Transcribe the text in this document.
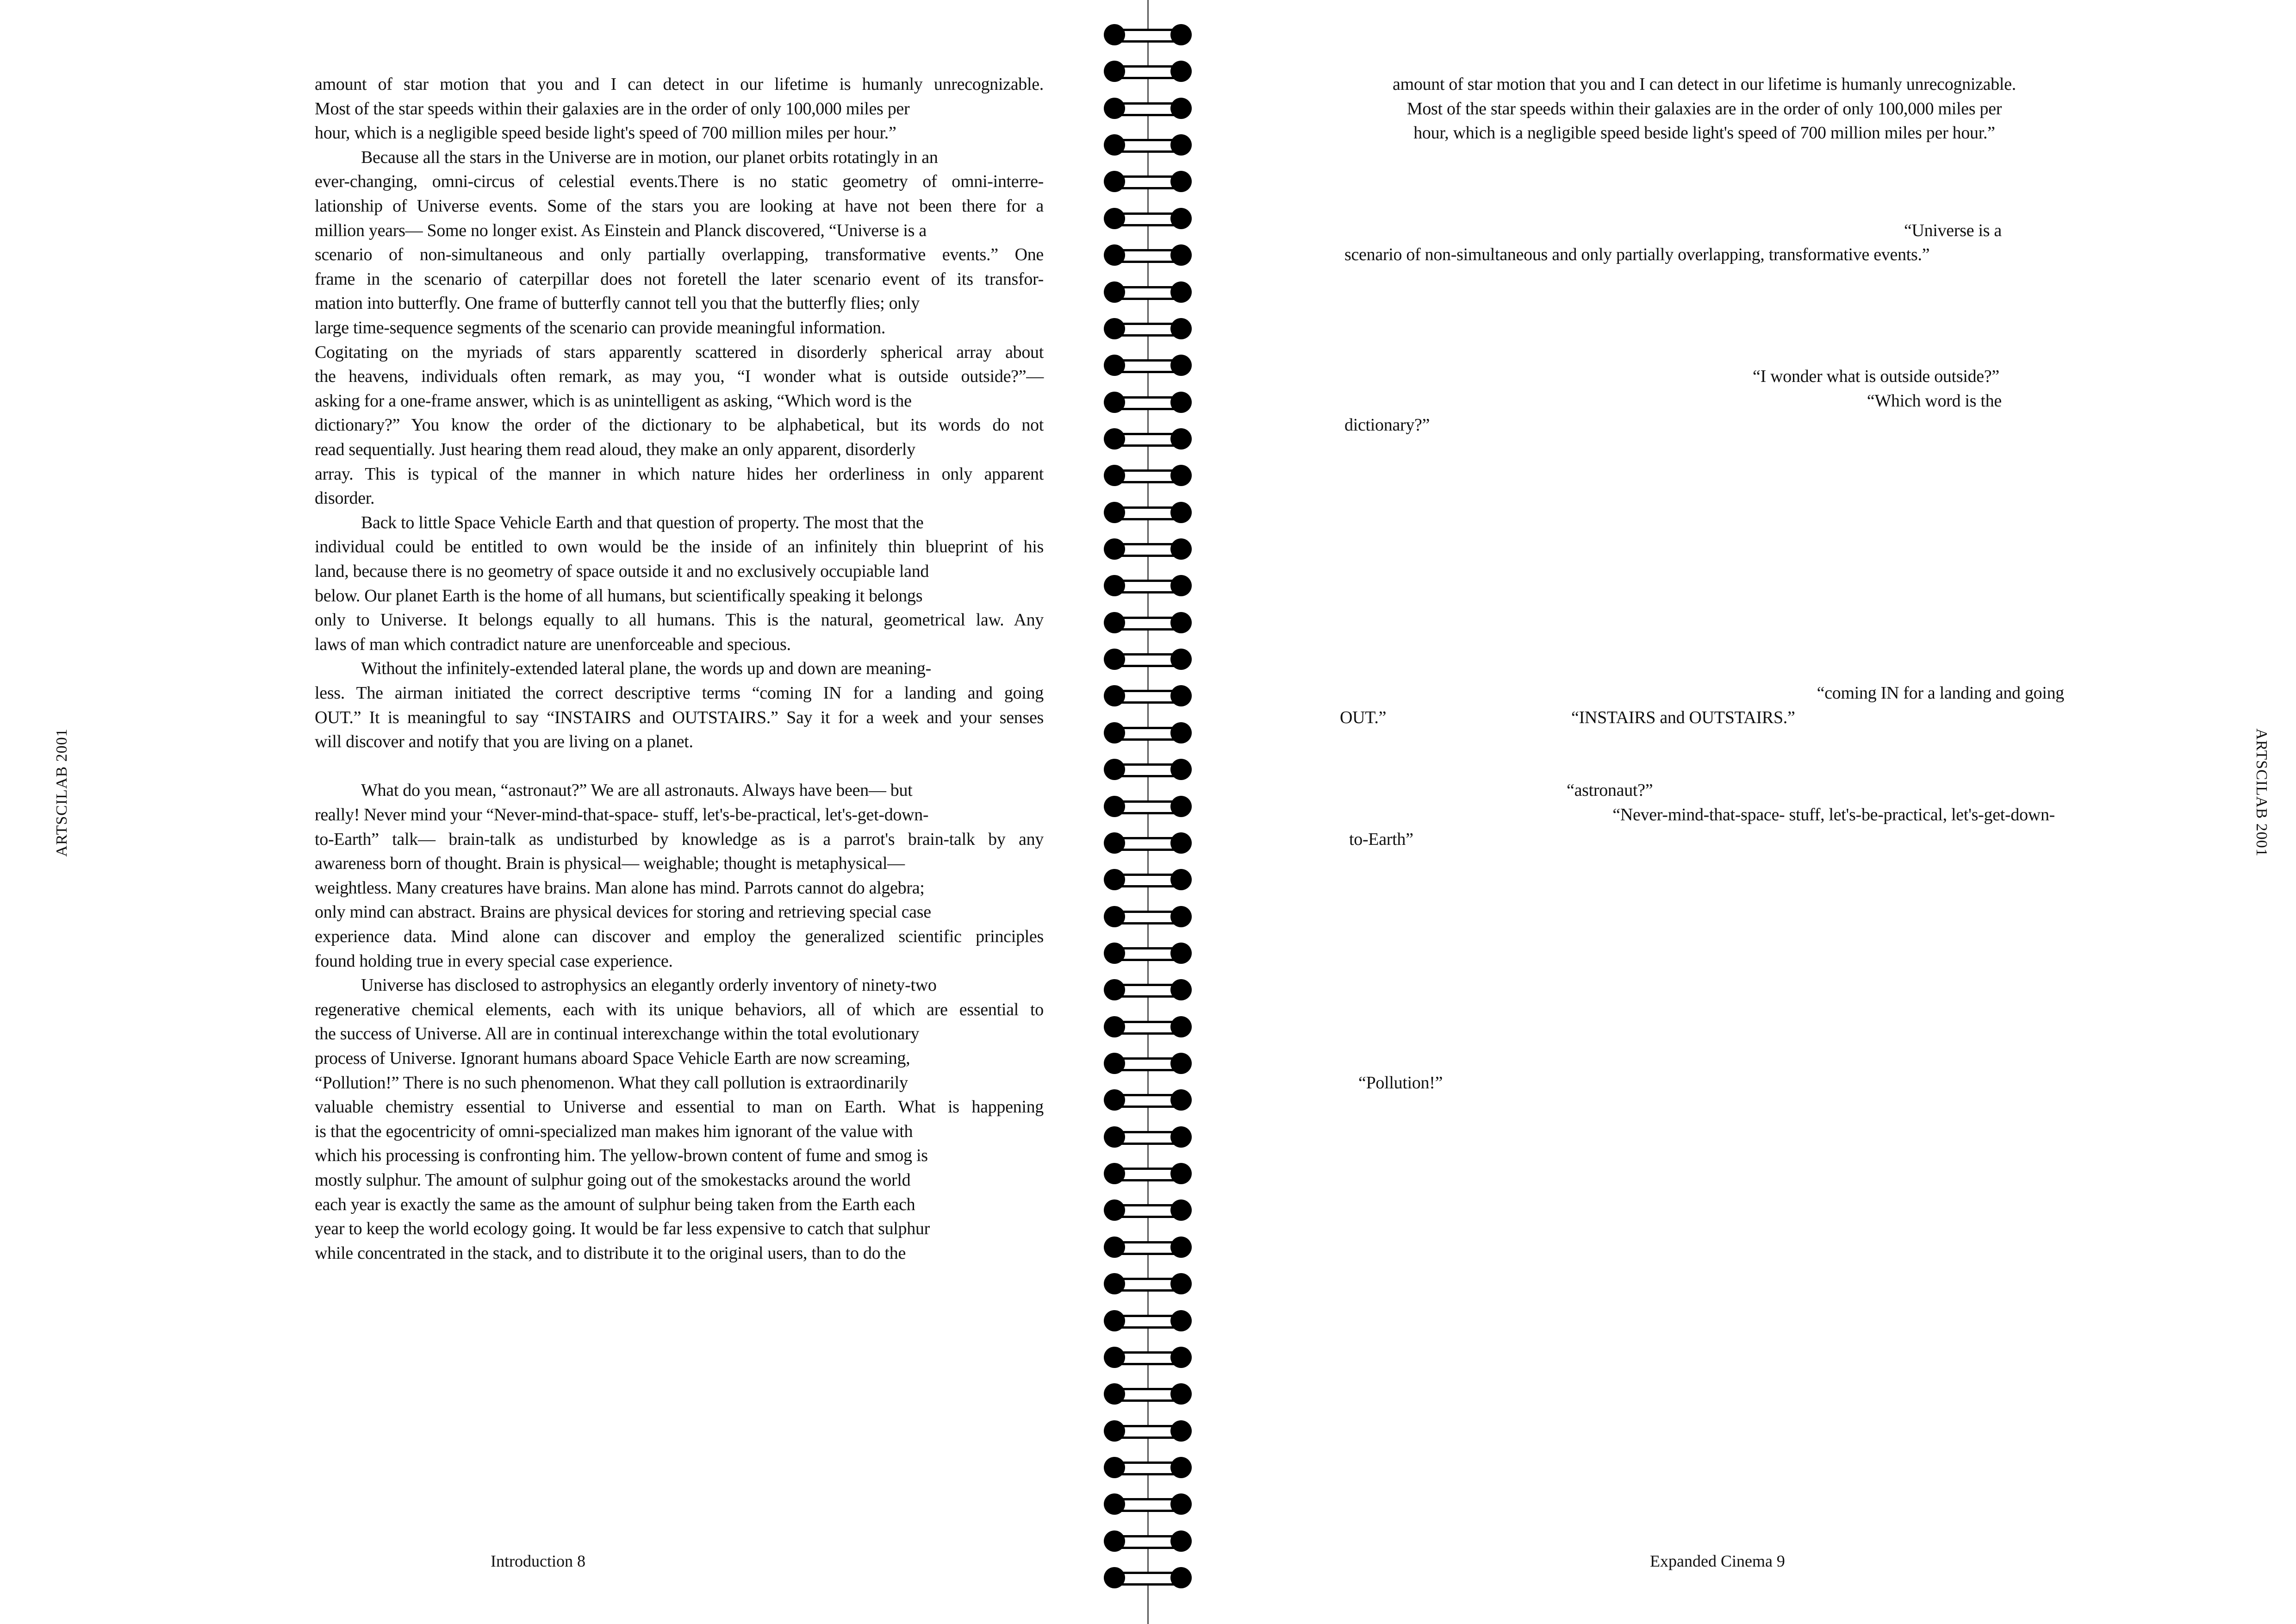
amount of star motion that you and I can detect in our lifetime is humanly unrecognizable.
Most of the star speeds within their galaxies are in the order of only 100,000 miles per
hour, which is a negligible speed beside light's speed of 700 million miles per hour.”
Because all the stars in the Universe are in motion, our planet orbits rotatingly in an
ever-changing, omni-circus of celestial events.There is no static geometry of omni-interre-
lationship of Universe events. Some of the stars you are looking at have not been there for a
million years— Some no longer exist. As Einstein and Planck discovered, “Universe is a
scenario of non-simultaneous and only partially overlapping, transformative events.” One
frame in the scenario of caterpillar does not foretell the later scenario event of its transfor-
mation into butterfly. One frame of butterfly cannot tell you that the butterfly flies; only
large time-sequence segments of the scenario can provide meaningful information.
Cogitating on the myriads of stars apparently scattered in disorderly spherical array about
the heavens, individuals often remark, as may you, “I wonder what is outside outside?”—
asking for a one-frame answer, which is as unintelligent as asking, “Which word is the
dictionary?” You know the order of the dictionary to be alphabetical, but its words do not
read sequentially. Just hearing them read aloud, they make an only apparent, disorderly
array. This is typical of the manner in which nature hides her orderliness in only apparent
disorder.
Back to little Space Vehicle Earth and that question of property. The most that the
individual could be entitled to own would be the inside of an infinitely thin blueprint of his
land, because there is no geometry of space outside it and no exclusively occupiable land
below. Our planet Earth is the home of all humans, but scientifically speaking it belongs
only to Universe. It belongs equally to all humans. This is the natural, geometrical law. Any
laws of man which contradict nature are unenforceable and specious.
Without the infinitely-extended lateral plane, the words up and down are meaning-
less. The airman initiated the correct descriptive terms “coming IN for a landing and going
OUT.” It is meaningful to say “INSTAIRS and OUTSTAIRS.” Say it for a week and your senses
will discover and notify that you are living on a planet.
What do you mean, “astronaut?” We are all astronauts. Always have been— but
really! Never mind your “Never-mind-that-space- stuff, let's-be-practical, let's-get-down-
to-Earth” talk— brain-talk as undisturbed by knowledge as is a parrot's brain-talk by any
awareness born of thought. Brain is physical— weighable; thought is metaphysical—
weightless. Many creatures have brains. Man alone has mind. Parrots cannot do algebra;
only mind can abstract. Brains are physical devices for storing and retrieving special case
experience data. Mind alone can discover and employ the generalized scientific principles
found holding true in every special case experience.
Universe has disclosed to astrophysics an elegantly orderly inventory of ninety-two
regenerative chemical elements, each with its unique behaviors, all of which are essential to
the success of Universe. All are in continual interexchange within the total evolutionary
process of Universe. Ignorant humans aboard Space Vehicle Earth are now screaming,
“Pollution!” There is no such phenomenon. What they call pollution is extraordinarily
valuable chemistry essential to Universe and essential to man on Earth. What is happening
is that the egocentricity of omni-specialized man makes him ignorant of the value with
which his processing is confronting him. The yellow-brown content of fume and smog is
mostly sulphur. The amount of sulphur going out of the smokestacks around the world
each year is exactly the same as the amount of sulphur being taken from the Earth each
year to keep the world ecology going. It would be far less expensive to catch that sulphur
while concentrated in the stack, and to distribute it to the original users, than to do the
amount of star motion that you and I can detect in our lifetime is humanly unrecognizable.
Most of the star speeds within their galaxies are in the order of only 100,000 miles per
hour, which is a negligible speed beside light's speed of 700 million miles per hour.”
“Universe is a
scenario of non-simultaneous and only partially overlapping, transformative events.”
“I wonder what is outside outside?”
“Which word is the
dictionary?”
“coming IN for a landing and going
OUT.”	“INSTAIRS and OUTSTAIRS.”
“astronaut?”
“Never-mind-that-space- stuff, let's-be-practical, let's-get-down-
to-Earth”
“Pollution!”
ARTSCILAB 2001	ARTSCILAB 2001
Introduction 8	Expanded Cinema 9
